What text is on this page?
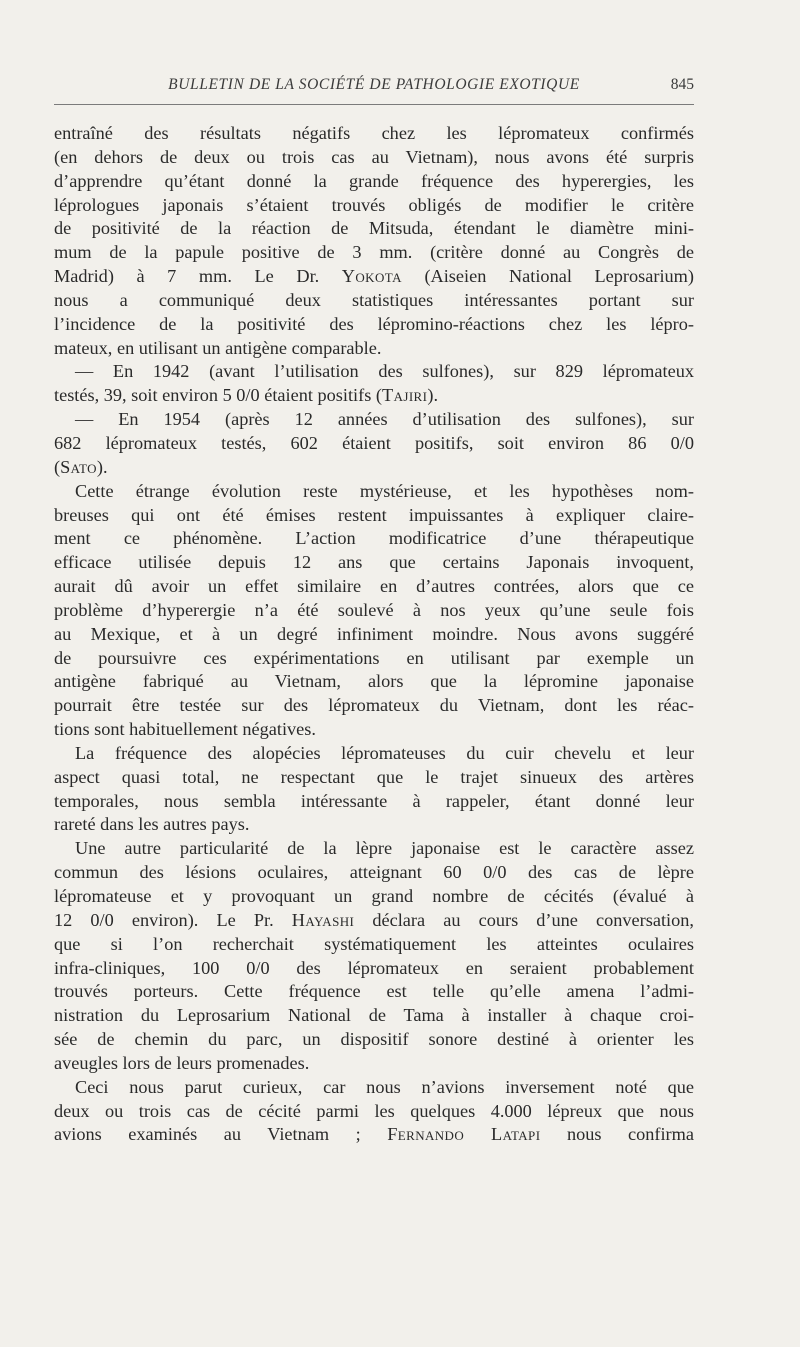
BULLETIN DE LA SOCIÉTÉ DE PATHOLOGIE EXOTIQUE	845
entraîné des résultats négatifs chez les lépromateux confirmés
(en dehors de deux ou trois cas au Vietnam), nous avons été surpris
d’apprendre qu’étant donné la grande fréquence des hyperergies, les
léprologues japonais s’étaient trouvés obligés de modifier le critère
de positivité de la réaction de Mitsuda, étendant le diamètre mini-
mum de la papule positive de 3 mm. (critère donné au Congrès de
Madrid) à 7 mm. Le Dr. Yokota (Aiseien National Leprosarium)
nous a communiqué deux statistiques intéressantes portant sur
l’incidence de la positivité des lépromino-réactions chez les lépro-
mateux, en utilisant un antigène comparable.
— En 1942 (avant l’utilisation des sulfones), sur 829 lépromateux
testés, 39, soit environ 5 0/0 étaient positifs (Tajiri).
— En 1954 (après 12 années d’utilisation des sulfones), sur
682 lépromateux testés, 602 étaient positifs, soit environ 86 0/0
(Sato).
Cette étrange évolution reste mystérieuse, et les hypothèses nom-
breuses qui ont été émises restent impuissantes à expliquer claire-
ment ce phénomène. L’action modificatrice d’une thérapeutique
efficace utilisée depuis 12 ans que certains Japonais invoquent,
aurait dû avoir un effet similaire en d’autres contrées, alors que ce
problème d’hyperergie n’a été soulevé à nos yeux qu’une seule fois
au Mexique, et à un degré infiniment moindre. Nous avons suggéré
de poursuivre ces expérimentations en utilisant par exemple un
antigène fabriqué au Vietnam, alors que la lépromine japonaise
pourrait être testée sur des lépromateux du Vietnam, dont les réac-
tions sont habituellement négatives.
La fréquence des alopécies lépromateuses du cuir chevelu et leur
aspect quasi total, ne respectant que le trajet sinueux des artères
temporales, nous sembla intéressante à rappeler, étant donné leur
rareté dans les autres pays.
Une autre particularité de la lèpre japonaise est le caractère assez
commun des lésions oculaires, atteignant 60 0/0 des cas de lèpre
lépromateuse et y provoquant un grand nombre de cécités (évalué à
12 0/0 environ). Le Pr. Hayashi déclara au cours d’une conversation,
que si l’on recherchait systématiquement les atteintes oculaires
infra-cliniques, 100 0/0 des lépromateux en seraient probablement
trouvés porteurs. Cette fréquence est telle qu’elle amena l’admi-
nistration du Leprosarium National de Tama à installer à chaque croi-
sée de chemin du parc, un dispositif sonore destiné à orienter les
aveugles lors de leurs promenades.
Ceci nous parut curieux, car nous n’avions inversement noté que
deux ou trois cas de cécité parmi les quelques 4.000 lépreux que nous
avions examinés au Vietnam ; Fernando Latapi nous confirma
